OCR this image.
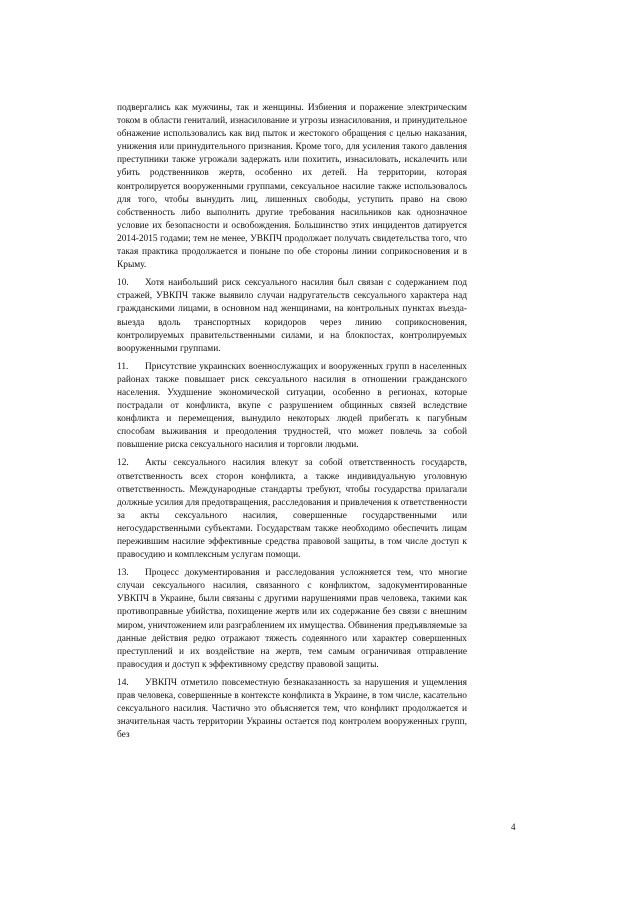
подвергались как мужчины, так и женщины. Избиения и поражение электрическим током в области гениталий, изнасилование и угрозы изнасилования, и принудительное обнажение использовались как вид пыток и жестокого обращения с целью наказания, унижения или принудительного признания. Кроме того, для усиления такого давления преступники также угрожали задержать или похитить, изнасиловать, искалечить или убить родственников жертв, особенно их детей. На территории, которая контролируется вооруженными группами, сексуальное насилие также использовалось для того, чтобы вынудить лиц, лишенных свободы, уступить право на свою собственность либо выполнить другие требования насильников как однозначное условие их безопасности и освобождения. Большинство этих инцидентов датируется 2014-2015 годами; тем не менее, УВКПЧ продолжает получать свидетельства того, что такая практика продолжается и поныне по обе стороны линии соприкосновения и в Крыму.

10. Хотя наибольший риск сексуального насилия был связан с содержанием под стражей, УВКПЧ также выявило случаи надругательств сексуального характера над гражданскими лицами, в основном над женщинами, на контрольных пунктах въезда-выезда вдоль транспортных коридоров через линию соприкосновения, контролируемых правительственными силами, и на блокпостах, контролируемых вооруженными группами.

11. Присутствие украинских военнослужащих и вооруженных групп в населенных районах также повышает риск сексуального насилия в отношении гражданского населения. Ухудшение экономической ситуации, особенно в регионах, которые пострадали от конфликта, вкупе с разрушением общинных связей вследствие конфликта и перемещения, вынудило некоторых людей прибегать к пагубным способам выживания и преодоления трудностей, что может повлечь за собой повышение риска сексуального насилия и торговли людьми.

12. Акты сексуального насилия влекут за собой ответственность государств, ответственность всех сторон конфликта, а также индивидуальную уголовную ответственность. Международные стандарты требуют, чтобы государства прилагали должные усилия для предотвращения, расследования и привлечения к ответственности за акты сексуального насилия, совершенные государственными или негосударственными субъектами. Государствам также необходимо обеспечить лицам пережившим насилие эффективные средства правовой защиты, в том числе доступ к правосудию и комплексным услугам помощи.

13. Процесс документирования и расследования усложняется тем, что многие случаи сексуального насилия, связанного с конфликтом, задокументированные УВКПЧ в Украине, были связаны с другими нарушениями прав человека, такими как противоправные убийства, похищение жертв или их содержание без связи с внешним миром, уничтожением или разграблением их имущества. Обвинения предъявляемые за данные действия редко отражают тяжесть содеянного или характер совершенных преступлений и их воздействие на жертв, тем самым ограничивая отправление правосудия и доступ к эффективному средству правовой защиты.

14. УВКПЧ отметило повсеместную безнаказанность за нарушения и ущемления прав человека, совершенные в контексте конфликта в Украине, в том числе, касательно сексуального насилия. Частично это объясняется тем, что конфликт продолжается и значительная часть территории Украины остается под контролем вооруженных групп, без

4
